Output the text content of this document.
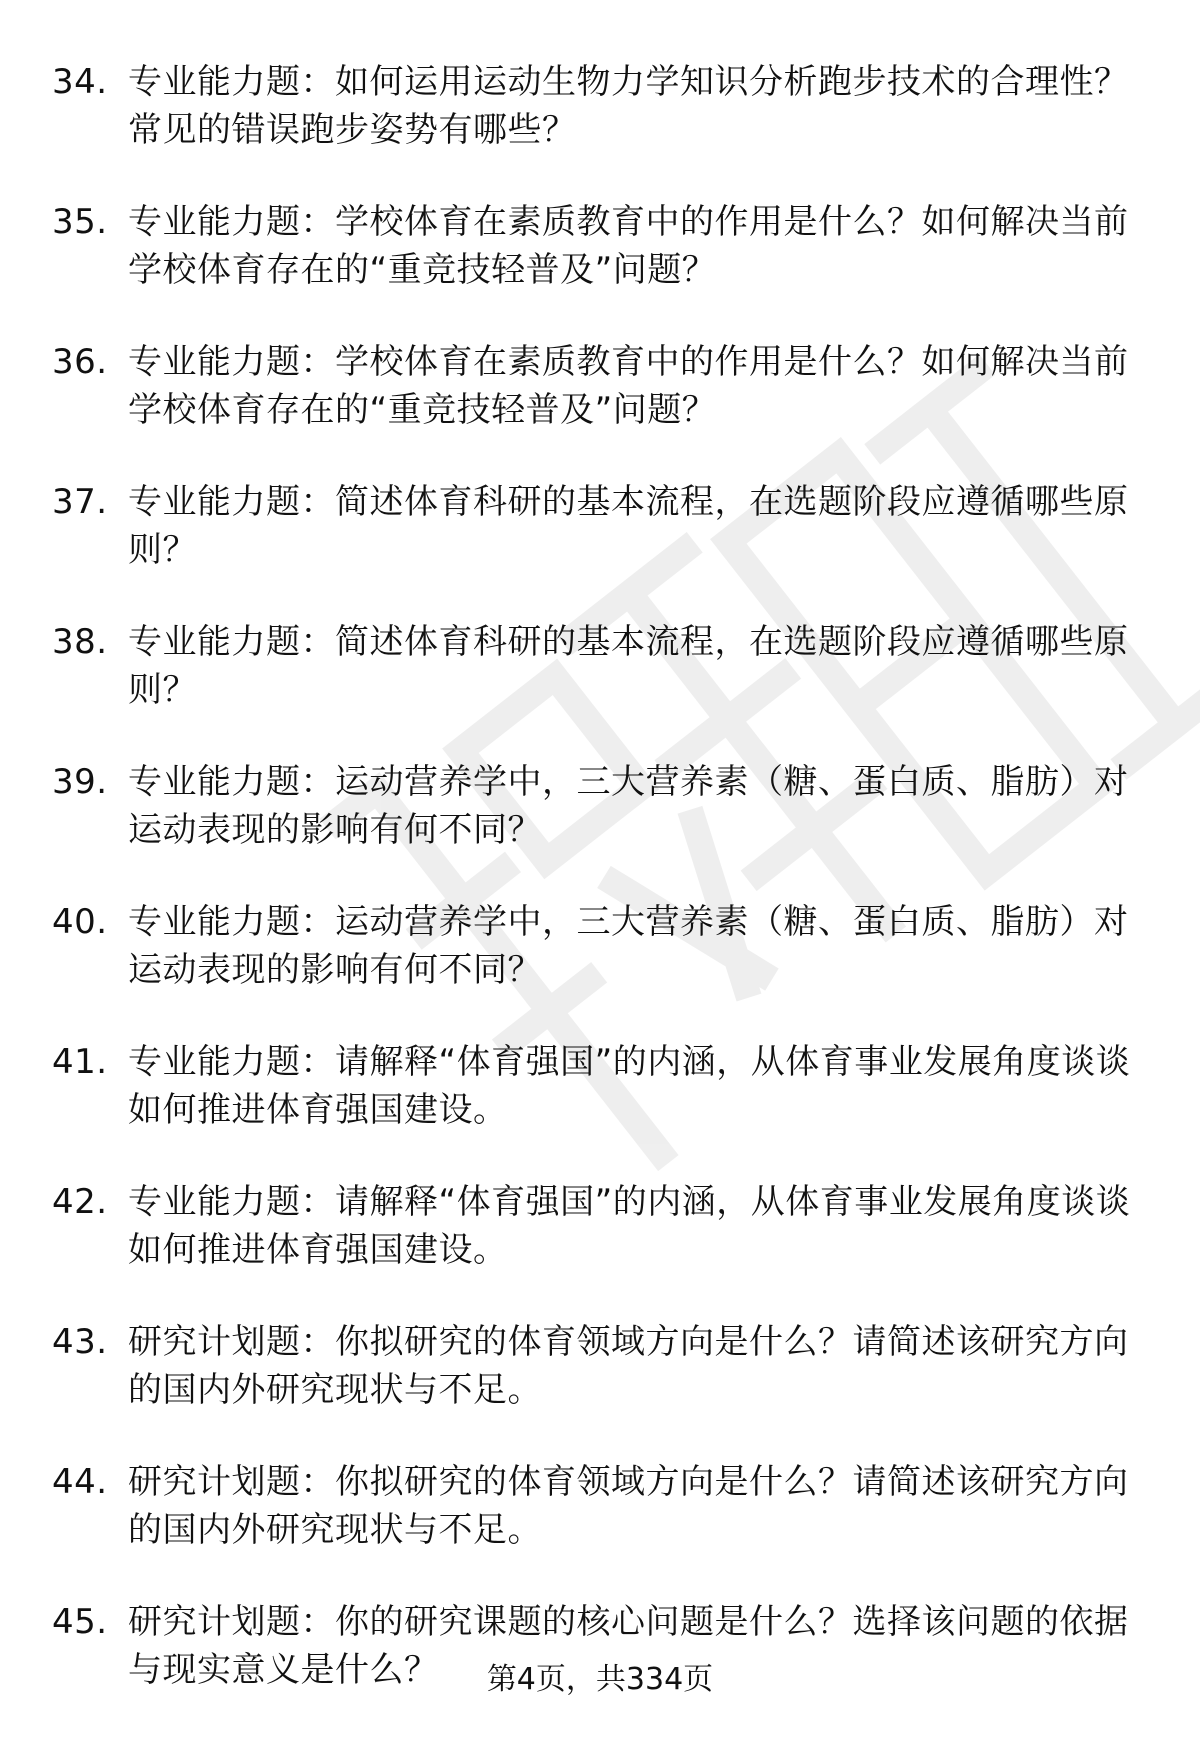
34. 专业能力题：如何运用运动生物力学知识分析跑步技术的合理性？常见的错误跑步姿势有哪些？
35. 专业能力题：学校体育在素质教育中的作用是什么？如何解决当前学校体育存在的“重竞技轻普及”问题？
36. 专业能力题：学校体育在素质教育中的作用是什么？如何解决当前学校体育存在的“重竞技轻普及”问题？
37. 专业能力题：简述体育科研的基本流程，在选题阶段应遵循哪些原则？
38. 专业能力题：简述体育科研的基本流程，在选题阶段应遵循哪些原则？
39. 专业能力题：运动营养学中，三大营养素（糖、蛋白质、脂肪）对运动表现的影响有何不同？
40. 专业能力题：运动营养学中，三大营养素（糖、蛋白质、脂肪）对运动表现的影响有何不同？
41. 专业能力题：请解释“体育强国”的内涵，从体育事业发展角度谈谈如何推进体育强国建设。
42. 专业能力题：请解释“体育强国”的内涵，从体育事业发展角度谈谈如何推进体育强国建设。
43. 研究计划题：你拟研究的体育领域方向是什么？请简述该研究方向的国内外研究现状与不足。
44. 研究计划题：你拟研究的体育领域方向是什么？请简述该研究方向的国内外研究现状与不足。
45. 研究计划题：你的研究课题的核心问题是什么？选择该问题的依据与现实意义是什么？	第4页，共334页
